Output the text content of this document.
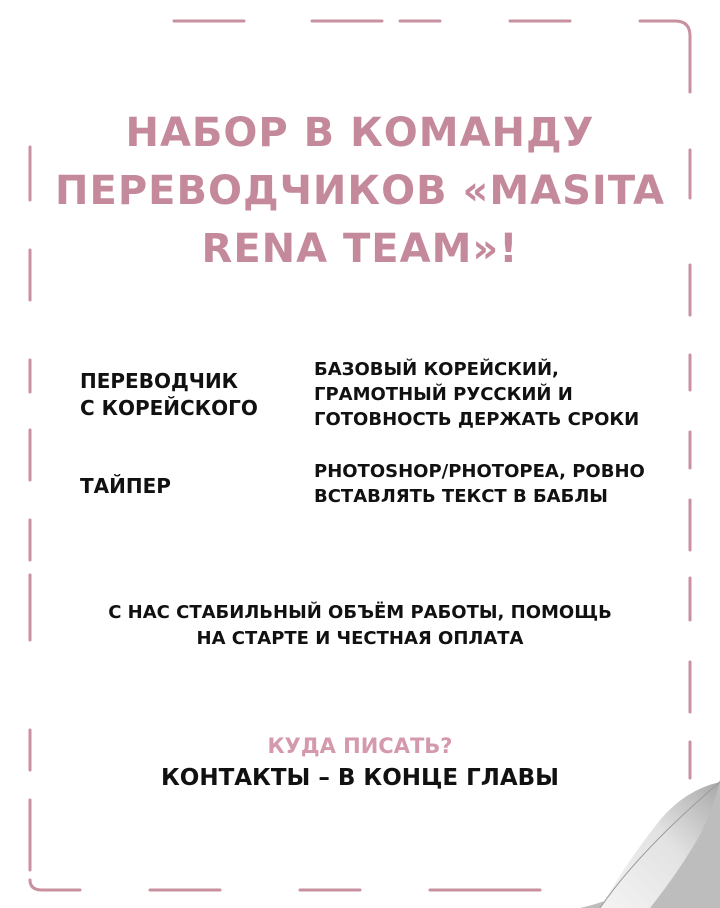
НАБОР В КОМАНДУ
ПЕРЕВОДЧИКОВ «MASITA
RENA TEAM»!
ПЕРЕВОДЧИК
С КОРЕЙСКОГО
БАЗОВЫЙ КОРЕЙСКИЙ,
ГРАМОТНЫЙ РУССКИЙ И
ГОТОВНОСТЬ ДЕРЖАТЬ СРОКИ
ТАЙПЕР
PHOTOSHOP/PHOTOPEA, РОВНО
ВСТАВЛЯТЬ ТЕКСТ В БАБЛЫ
С НАС СТАБИЛЬНЫЙ ОБЪЁМ РАБОТЫ, ПОМОЩЬ
НА СТАРТЕ И ЧЕСТНАЯ ОПЛАТА
КУДА ПИСАТЬ?
КОНТАКТЫ – В КОНЦЕ ГЛАВЫ
